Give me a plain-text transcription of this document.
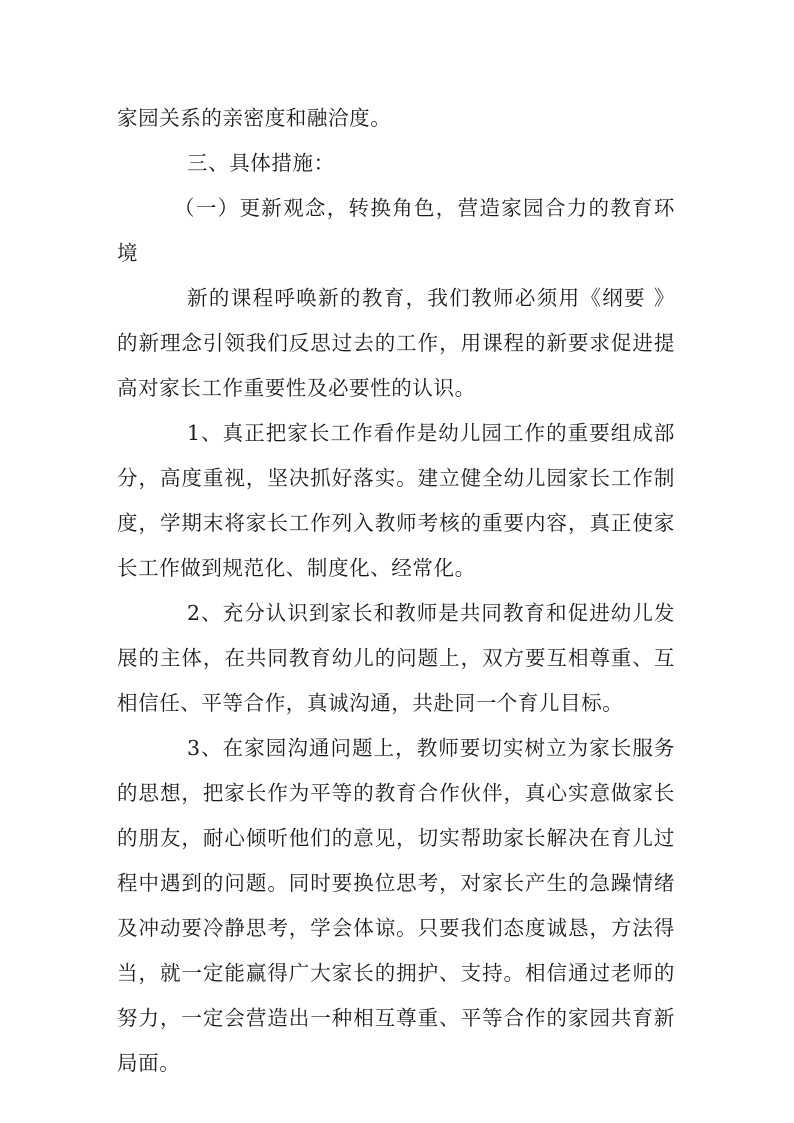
家园关系的亲密度和融洽度。

三、具体措施：

（一）更新观念，转换角色，营造家园合力的教育环境

新的课程呼唤新的教育，我们教师必须用《纲要 》的新理念引领我们反思过去的工作，用课程的新要求促进提高对家长工作重要性及必要性的认识。

1、真正把家长工作看作是幼儿园工作的重要组成部分，高度重视，坚决抓好落实。建立健全幼儿园家长工作制度，学期末将家长工作列入教师考核的重要内容，真正使家长工作做到规范化、制度化、经常化。

2、充分认识到家长和教师是共同教育和促进幼儿发展的主体，在共同教育幼儿的问题上，双方要互相尊重、互相信任、平等合作，真诚沟通，共赴同一个育儿目标。

3、在家园沟通问题上，教师要切实树立为家长服务的思想，把家长作为平等的教育合作伙伴，真心实意做家长的朋友，耐心倾听他们的意见，切实帮助家长解决在育儿过程中遇到的问题。同时要换位思考，对家长产生的急躁情绪及冲动要冷静思考，学会体谅。只要我们态度诚恳，方法得当，就一定能赢得广大家长的拥护、支持。相信通过老师的努力，一定会营造出一种相互尊重、平等合作的家园共育新局面。
